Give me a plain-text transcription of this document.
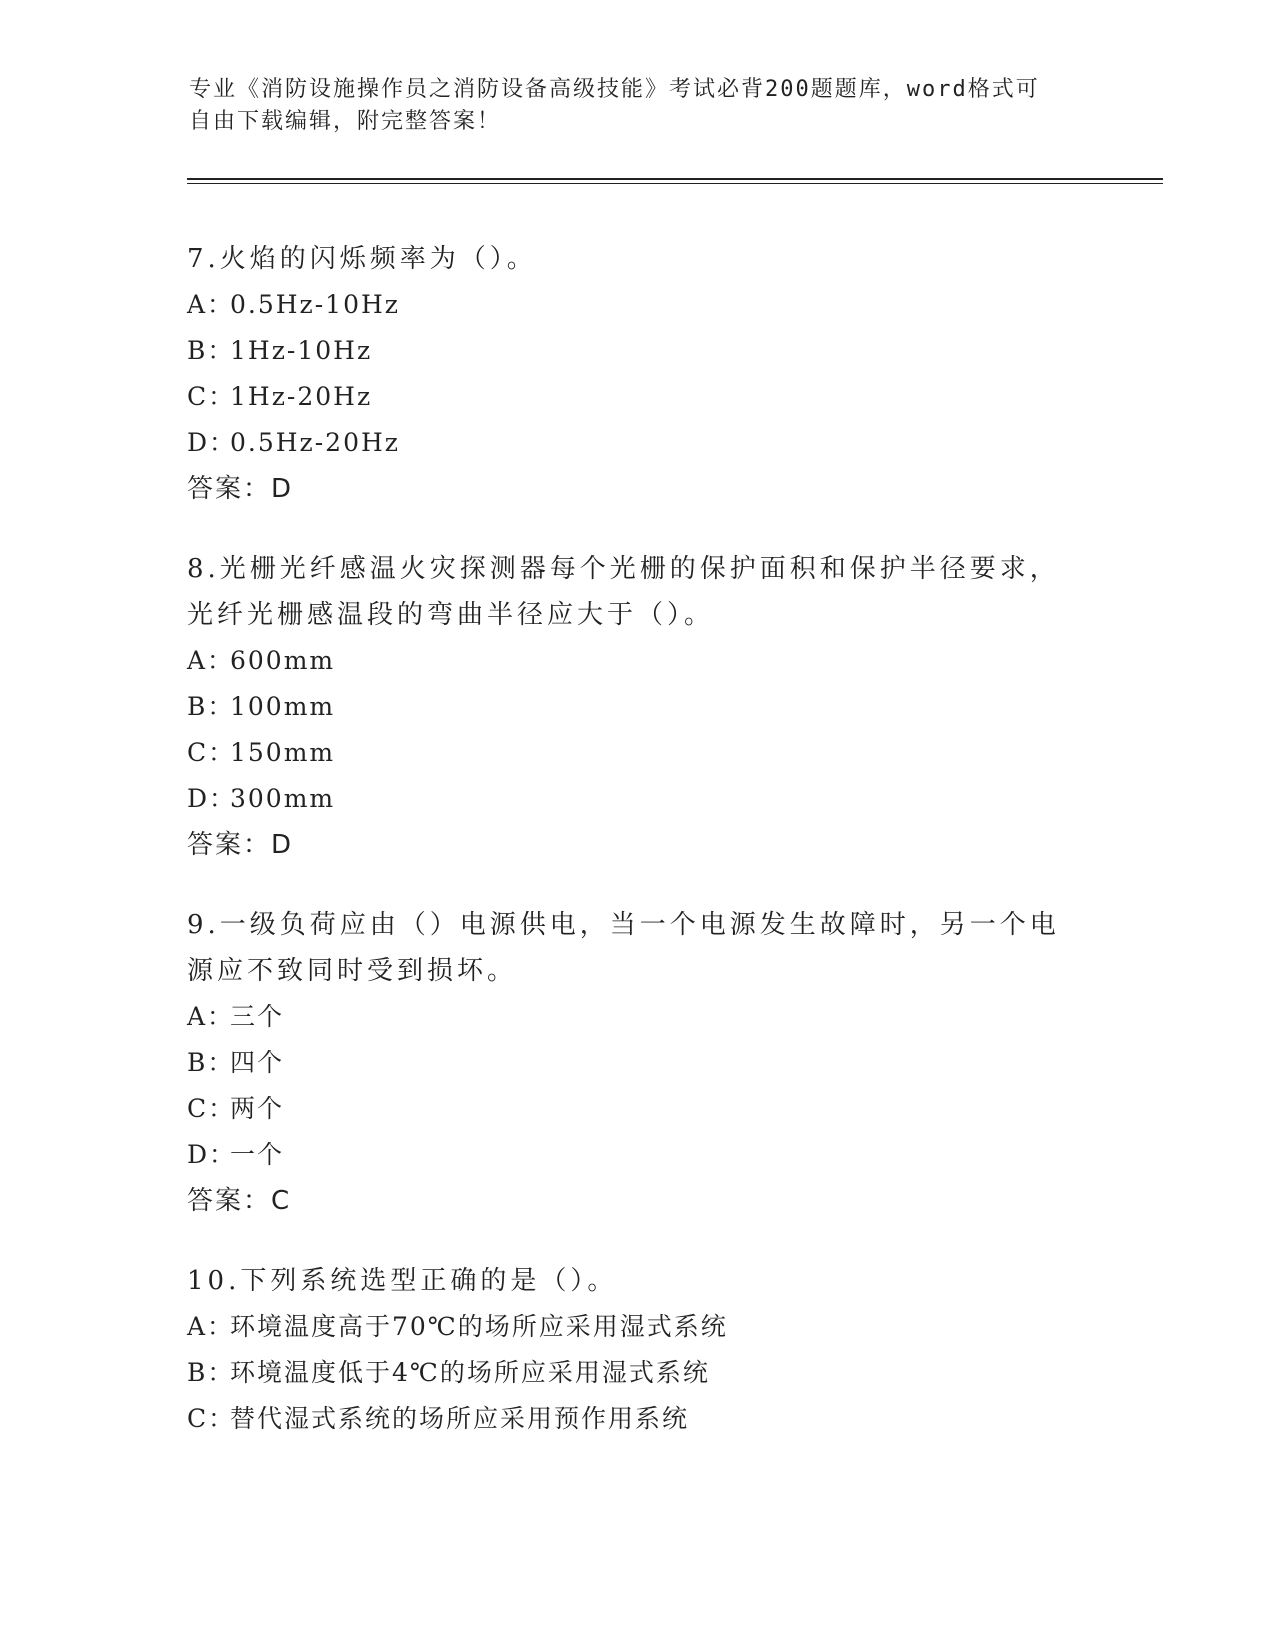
专业《消防设施操作员之消防设备高级技能》考试必背200题题库，word格式可

自由下载编辑，附完整答案！

7.火焰的闪烁频率为（）。

A：
0.5Hz-10Hz

B：
1Hz-10Hz

C：
1Hz-20Hz

D：
0.5Hz-20Hz

答案：D

8.光栅光纤感温火灾探测器每个光栅的保护面积和保护半径要求，光纤光栅感温段的弯曲半径应大于（）。

A：
600mm

B：
100mm

C：
150mm

D：
300mm

答案：D

9.一级负荷应由（）电源供电，当一个电源发生故障时，另一个电源应不致同时受到损坏。

A：
三个

B：
四个

C：
两个

D：
一个

答案：C

10.下列系统选型正确的是（）。

A：
环境温度高于70℃的场所应采用湿式系统

B：
环境温度低于4℃的场所应采用湿式系统

C：
替代湿式系统的场所应采用预作用系统
